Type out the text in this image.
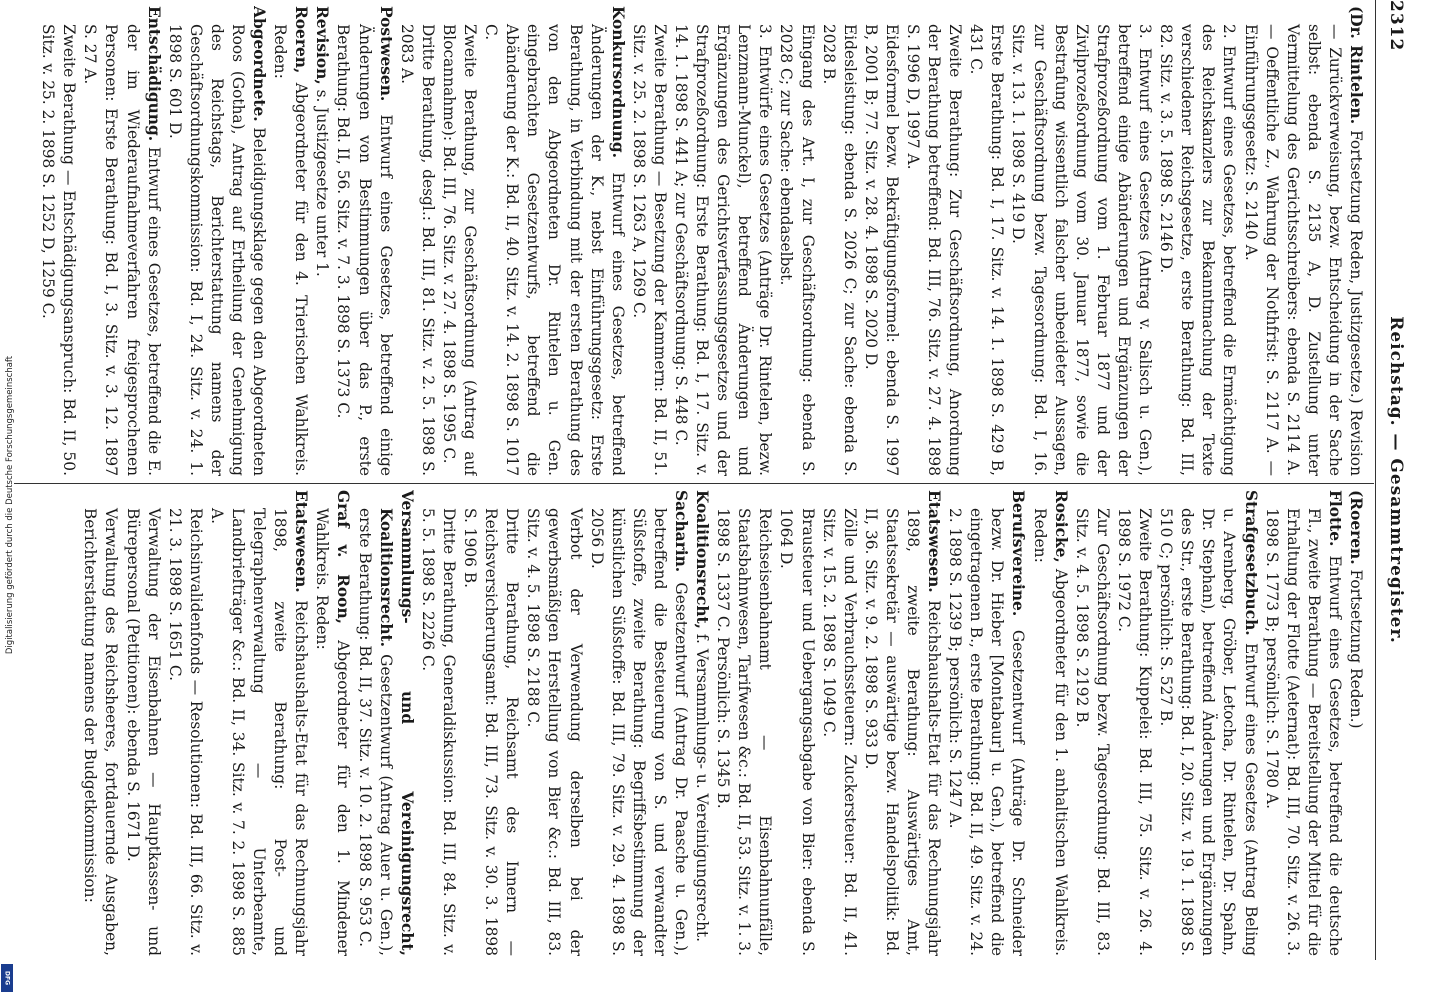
2312
Reichstag. — Gesammtregister.

(Dr. Rintelen. Fortsetzung Reden, Justizgesetze.) Revision — Zurückverweisung, bezw. Entscheidung in der Sache selbst: ebenda S. 2135 A, D. Zustellung unter Vermittelung des Gerichtsschreibers: ebenda S. 2114 A. — Oeffentliche Z., Wahrung der Nothfrist: S. 2117 A. — Einführungsgesetz: S. 2140 A.

2. Entwurf eines Gesetzes, betreffend die Ermächtigung des Reichskanzlers zur Bekanntmachung der Texte verschiedener Reichsgesetze, erste Berathung: Bd. III, 82. Sitz. v. 3. 5. 1898 S. 2146 D.

3. Entwurf eines Gesetzes (Antrag v. Salisch u. Gen.), betreffend einige Abänderungen und Ergänzungen der Strafprozeßordnung vom 1. Februar 1877 und der Zivilprozeßordnung vom 30. Januar 1877, sowie die Bestrafung wissentlich falscher unbeeideter Aussagen, zur Geschäftsordnung bezw. Tagesordnung: Bd. I, 16. Sitz. v. 13. 1. 1898 S. 419 D.

Erste Berathung: Bd. I, 17. Sitz. v. 14. 1. 1898 S. 429 B, 431 C.

Zweite Berathung: Zur Geschäftsordnung, Anordnung der Berathung betreffend: Bd. III, 76. Sitz. v. 27. 4. 1898 S. 1996 D, 1997 A.

Eidesformel bezw. Bekräftigungsformel: ebenda S. 1997 B, 2001 B; 77. Sitz. v. 28. 4. 1898 S. 2020 D.

Eidesleistung: ebenda S. 2026 C; zur Sache: ebenda S. 2028 B.

Eingang des Art. I, zur Geschäftsordnung: ebenda S. 2028 C; zur Sache: ebendaselbst.

3. Entwürfe eines Gesetzes (Anträge Dr. Rintelen, bezw. Lenzmann-Munckel), betreffend Änderungen und Ergänzungen des Gerichtsverfassungsgesetzes und der Strafprozeßordnung: Erste Berathung: Bd. I, 17. Sitz. v. 14. 1. 1898 S. 441 A; zur Geschäftsordnung: S. 448 C.

Zweite Berathung — Besetzung der Kammern: Bd. II, 51. Sitz. v. 25. 2. 1898 S. 1263 A, 1269 C.

Konkursordnung. Entwurf eines Gesetzes, betreffend Änderungen der K., nebst Einführungsgesetz: Erste Berathung, in Verbindung mit der ersten Berathung des von den Abgeordneten Dr. Rintelen u. Gen. eingebrachten Gesetzentwurfs, betreffend die Abänderung der K.: Bd. II, 40. Sitz. v. 14. 2. 1898 S. 1017 C.

Zweite Berathung, zur Geschäftsordnung (Antrag auf Blocannahme): Bd. III, 76. Sitz. v. 27. 4. 1898 S. 1995 C.

Dritte Berathung, desgl.: Bd. III, 81. Sitz. v. 2. 5. 1898 S. 2083 A.

Postwesen. Entwurf eines Gesetzes, betreffend einige Änderungen von Bestimmungen über das P., erste Berathung: Bd. II, 56. Sitz. v. 7. 3. 1898 S. 1373 C.

Revision, s. Justizgesetze unter 1.

Roeren, Abgeordneter für den 4. Trierischen Wahlkreis. Reden:

Abgeordnete. Beleidigungsklage gegen den Abgeordneten Roos (Gotha), Antrag auf Ertheilung der Genehmigung des Reichstags, Berichterstattung namens der Geschäftsordnungskommission: Bd. I, 24. Sitz. v. 24. 1. 1898 S. 601 D.

Entschädigung. Entwurf eines Gesetzes, betreffend die E. der im Wiederaufnahmeverfahren freigesprochenen Personen: Erste Berathung: Bd. I, 3. Sitz. v. 3. 12. 1897 S. 27 A.

Zweite Berathung — Entschädigungsanspruch: Bd. II, 50. Sitz. v. 25. 2. 1898 S. 1252 D, 1259 C.

(Roeren. Fortsetzung Reden.)

Flotte. Entwurf eines Gesetzes, betreffend die deutsche Fl., zweite Berathung — Bereitstellung der Mittel für die Erhaltung der Flotte (Aeternat): Bd. III, 70. Sitz. v. 26. 3. 1898 S. 1773 B; persönlich: S. 1780 A.

Strafgesetzbuch. Entwurf eines Gesetzes (Antrag Beling u. Arenberg, Gröber, Letocha, Dr. Rintelen, Dr. Spahn, Dr. Stephan), betreffend Änderungen und Ergänzungen des Str., erste Berathung: Bd. I, 20. Sitz. v. 19. 1. 1898 S. 510 C; persönlich: S. 527 B.

Zweite Berathung: Kuppelei: Bd. III, 75. Sitz. v. 26. 4. 1898 S. 1972 C.

Zur Geschäftsordnung bezw. Tagesordnung: Bd. III, 83. Sitz. v. 4. 5. 1898 S. 2192 B.

Rosicke, Abgeordneter für den 1. anhaltischen Wahlkreis. Reden:

Berufsvereine. Gesetzentwurf (Anträge Dr. Schneider bezw. Dr. Hieber [Montabaur] u. Gen.), betreffend die eingetragenen B., erste Berathung: Bd. II, 49. Sitz. v. 24. 2. 1898 S. 1239 B; persönlich: S. 1247 A.

Etatswesen. Reichshaushalts-Etat für das Rechnungsjahr 1898, zweite Berathung: Auswärtiges Amt, Staatssekretär — auswärtige bezw. Handelspolitik: Bd. II, 36. Sitz. v. 9. 2. 1898 S. 933 D.

Zölle und Verbrauchssteuern: Zuckersteuer: Bd. II, 41. Sitz. v. 15. 2. 1898 S. 1049 C.

Brausteuer und Uebergangsabgabe von Bier: ebenda S. 1064 D.

Reichseisenbahnamt — Eisenbahnunfälle, Staatsbahnwesen, Tarifwesen &c.: Bd. II, 53. Sitz. v. 1. 3. 1898 S. 1337 C. Persönlich: S. 1345 B.

Koalitionsrecht, f. Versammlungs- u. Vereinigungsrecht.

Sacharin. Gesetzentwurf (Antrag Dr. Paasche u. Gen.), betreffend die Besteuerung von S. und verwandter Süßstoffe, zweite Berathung: Begriffsbestimmung der künstlichen Süßstoffe: Bd. III, 79. Sitz. v. 29. 4. 1898 S. 2056 D.

Verbot der Verwendung derselben bei der gewerbsmäßigen Herstellung von Bier &c.: Bd. III, 83. Sitz. v. 4. 5. 1898 S. 2188 C.

Dritte Berathung, Reichsamt des Innern — Reichsversicherungsamt: Bd. III, 73. Sitz. v. 30. 3. 1898 S. 1906 B.

Dritte Berathung, Generaldiskussion: Bd. III, 84. Sitz. v. 5. 5. 1898 S. 2226 C.

Versammlungs- und Vereinigungsrecht, Koalitionsrecht. Gesetzentwurf (Antrag Auer u. Gen.), erste Berathung: Bd. II, 37. Sitz. v. 10. 2. 1898 S. 953 C.

Graf v. Roon, Abgeordneter für den 1. Mindener Wahlkreis. Reden:

Etatswesen. Reichshaushalts-Etat für das Rechnungsjahr 1898, zweite Berathung: Post- und Telegraphenverwaltung — Unterbeamte, Landbriefträger &c.: Bd. II, 34. Sitz. v. 7. 2. 1898 S. 885 A.

Reichsinvalidenfonds — Resolutionen: Bd. III, 66. Sitz. v. 21. 3. 1898 S. 1651 C.

Verwaltung der Eisenbahnen — Hauptkassen- und Bürepersonal (Petitionen): ebenda S. 1671 D.

Verwaltung des Reichsheeres, fortdauernde Ausgaben, Berichterstattung namens der Budgetkommission:

Digitalisierung gefördert durch die Deutsche Forschungsgemeinschaft
DFG
